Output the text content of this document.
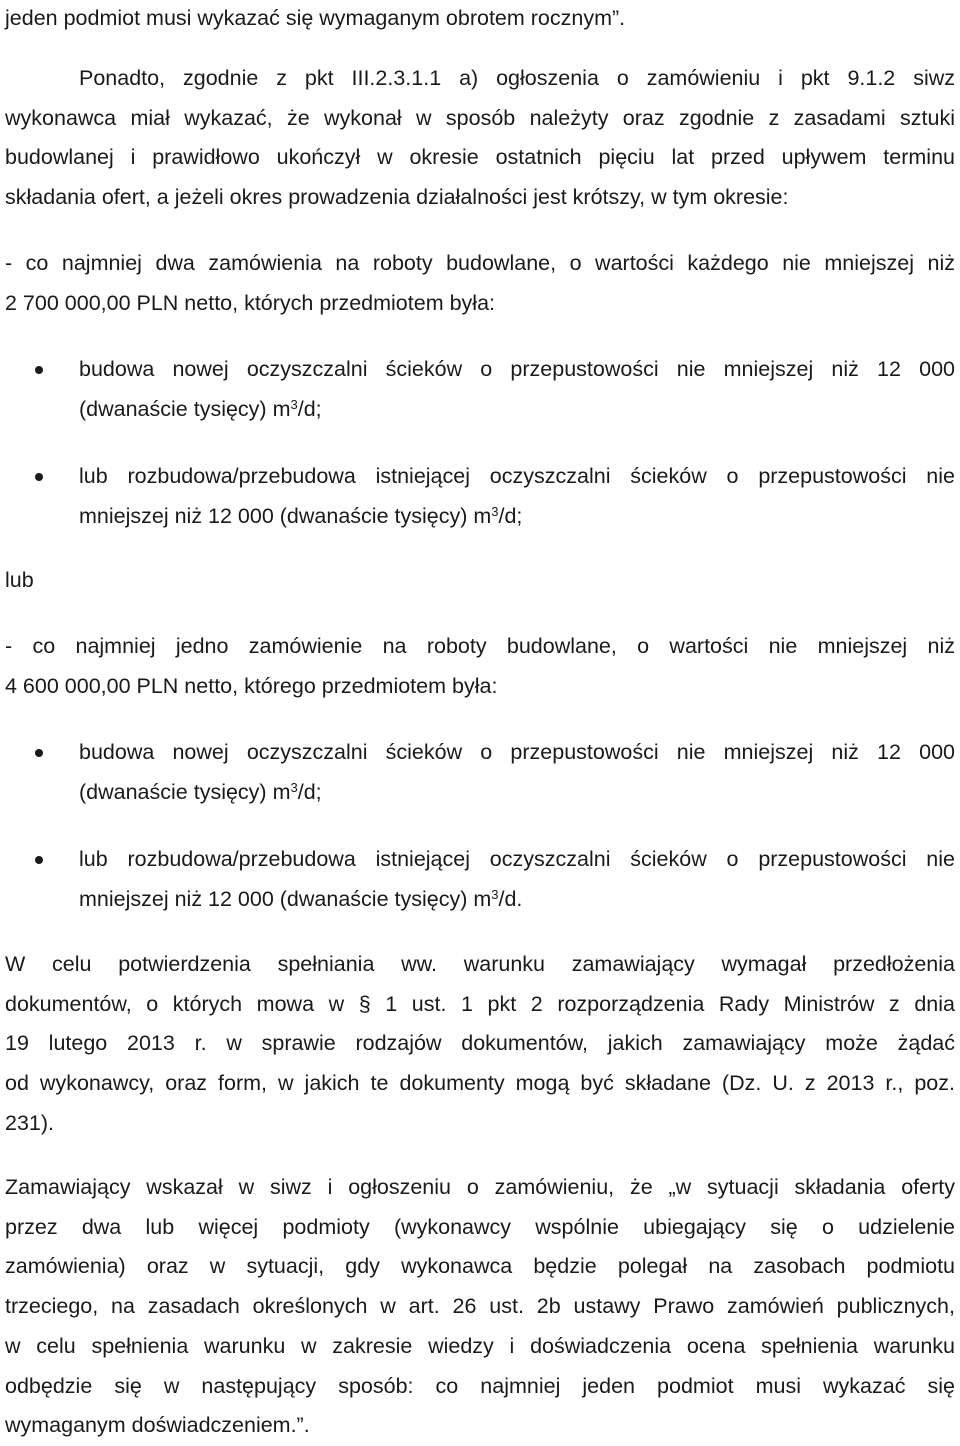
jeden podmiot musi wykazać się wymaganym obrotem rocznym”.
Ponadto, zgodnie z pkt III.2.3.1.1 a) ogłoszenia o zamówieniu i pkt 9.1.2 siwz
wykonawca miał wykazać, że wykonał w sposób należyty oraz zgodnie z zasadami sztuki
budowlanej i prawidłowo ukończył w okresie ostatnich pięciu lat przed upływem terminu
składania ofert, a jeżeli okres prowadzenia działalności jest krótszy, w tym okresie:
- co najmniej dwa zamówienia na roboty budowlane, o wartości każdego nie mniejszej niż
2 700 000,00 PLN netto, których przedmiotem była:
budowa nowej oczyszczalni ścieków o przepustowości nie mniejszej niż 12 000
(dwanaście tysięcy) $m^3/d$;
lub rozbudowa/przebudowa istniejącej oczyszczalni ścieków o przepustowości nie
mniejszej niż 12 000 (dwanaście tysięcy) $m^3/d$;
lub
- co najmniej jedno zamówienie na roboty budowlane, o wartości nie mniejszej niż
4 600 000,00 PLN netto, którego przedmiotem była:
budowa nowej oczyszczalni ścieków o przepustowości nie mniejszej niż 12 000
(dwanaście tysięcy) $m^3/d$;
lub rozbudowa/przebudowa istniejącej oczyszczalni ścieków o przepustowości nie
mniejszej niż 12 000 (dwanaście tysięcy) $m^3/d$.
W celu potwierdzenia spełniania ww. warunku zamawiający wymagał przedłożenia
dokumentów, o których mowa w § 1 ust. 1 pkt 2 rozporządzenia Rady Ministrów z dnia
19 lutego 2013 r. w sprawie rodzajów dokumentów, jakich zamawiający może żądać
od wykonawcy, oraz form, w jakich te dokumenty mogą być składane (Dz. U. z 2013 r., poz.
231).
Zamawiający wskazał w siwz i ogłoszeniu o zamówieniu, że „w sytuacji składania oferty
przez dwa lub więcej podmioty (wykonawcy wspólnie ubiegający się o udzielenie
zamówienia) oraz w sytuacji, gdy wykonawca będzie polegał na zasobach podmiotu
trzeciego, na zasadach określonych w art. 26 ust. 2b ustawy Prawo zamówień publicznych,
w celu spełnienia warunku w zakresie wiedzy i doświadczenia ocena spełnienia warunku
odbędzie się w następujący sposób: co najmniej jeden podmiot musi wykazać się
wymaganym doświadczeniem.”.
